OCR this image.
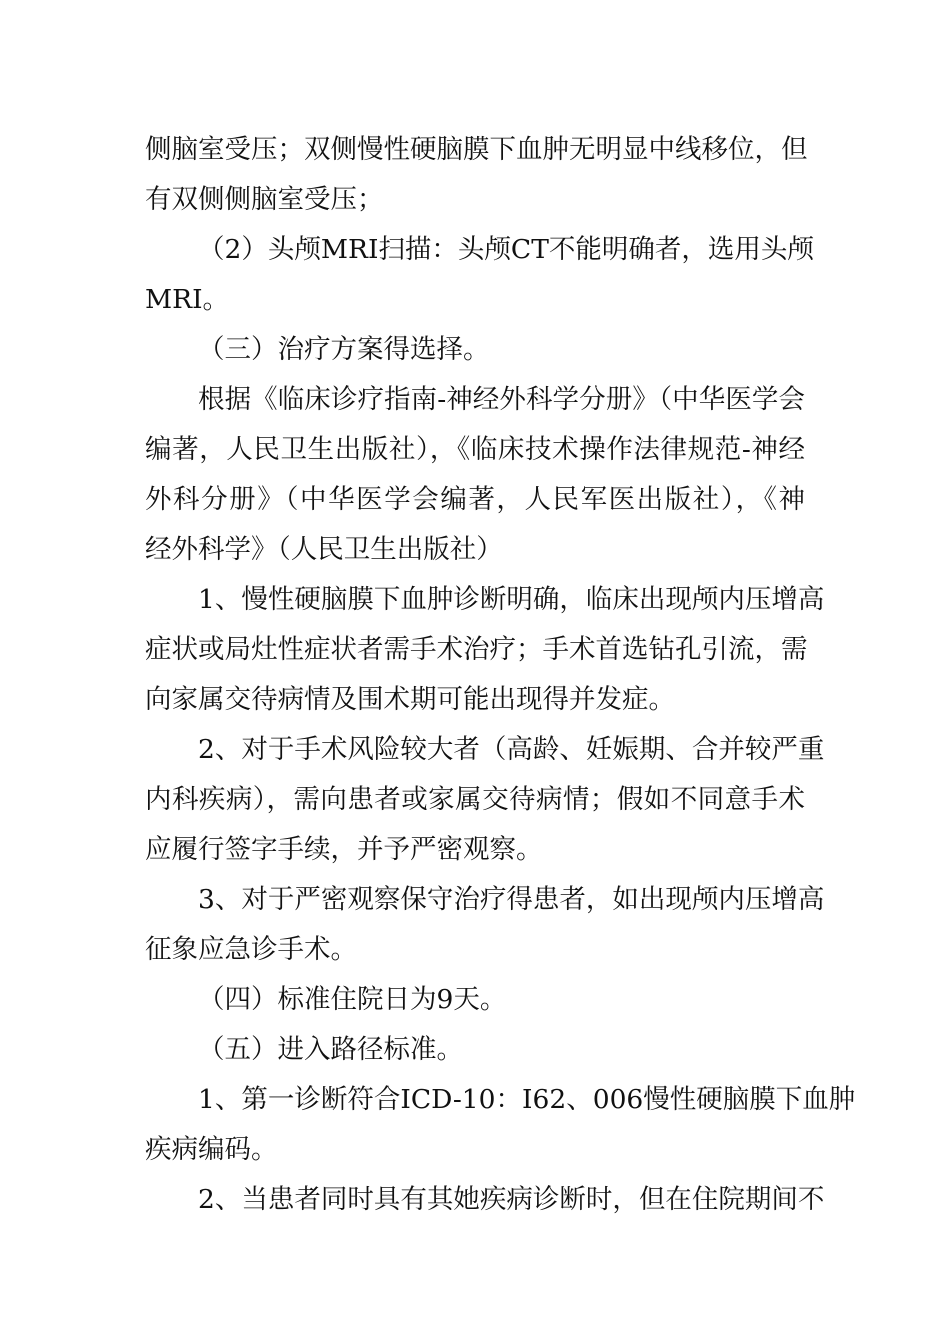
侧脑室受压；双侧慢性硬脑膜下血肿无明显中线移位，但
有双侧侧脑室受压；
（2）头颅MRI扫描：头颅CT不能明确者，选用头颅
MRI。
（三）治疗方案得选择。
根据《临床诊疗指南-神经外科学分册》（中华医学会
编著，人民卫生出版社），《临床技术操作法律规范-神经
外科分册》（中华医学会编著，人民军医出版社），《神
经外科学》（人民卫生出版社）
1、慢性硬脑膜下血肿诊断明确，临床出现颅内压增高
症状或局灶性症状者需手术治疗；手术首选钻孔引流，需
向家属交待病情及围术期可能出现得并发症。
2、对于手术风险较大者（高龄、妊娠期、合并较严重
内科疾病），需向患者或家属交待病情；假如不同意手术
应履行签字手续，并予严密观察。
3、对于严密观察保守治疗得患者，如出现颅内压增高
征象应急诊手术。
（四）标准住院日为9天。
（五）进入路径标准。
1、第一诊断符合ICD-10：I62、006慢性硬脑膜下血肿
疾病编码。
2、当患者同时具有其她疾病诊断时，但在住院期间不
